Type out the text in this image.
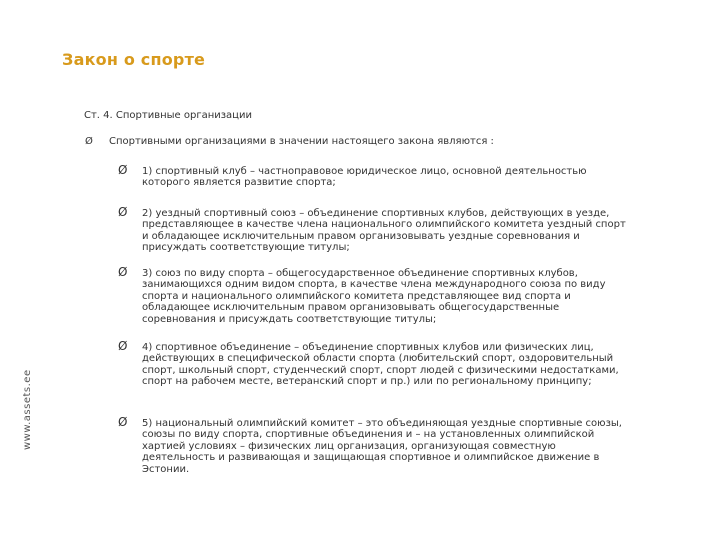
Закон о спорте
www.assets.ee
Ст. 4. Спортивные организации
Ø Спортивными организациями в значении настоящего закона являются :
Ø	1) спортивный клуб – частноправовое юридическое лицо, основной деятельностью которого является развитие спорта;
Ø	2) уездный спортивный союз – объединение спортивных клубов, действующих в уезде, представляющее в качестве члена национального олимпийского комитета уездный спорт и обладающее исключительным правом организовывать уездные соревнования и присуждать соответствующие титулы;
Ø	3) союз по виду спорта – общегосударственное объединение спортивных клубов, занимающихся одним видом спорта, в качестве члена международного союза по виду спорта и национального олимпийского комитета представляющее вид спорта и обладающее исключительным правом организовывать общегосударственные соревнования и присуждать соответствующие титулы;
Ø	4) спортивное объединение – объединение спортивных клубов или физических лиц, действующих в специфической области спорта (любительский спорт, оздоровительный спорт, школьный спорт, студенческий спорт, спорт людей с физическими недостатками, спорт на рабочем месте, ветеранский спорт и пр.) или по региональному принципу;
Ø	5) национальный олимпийский комитет – это объединяющая уездные спортивные союзы, союзы по виду спорта, спортивные объединения и – на установленных олимпийской хартией условиях – физических лиц организация, организующая совместную деятельность и развивающая и защищающая спортивное и олимпийское движение в Эстонии.
